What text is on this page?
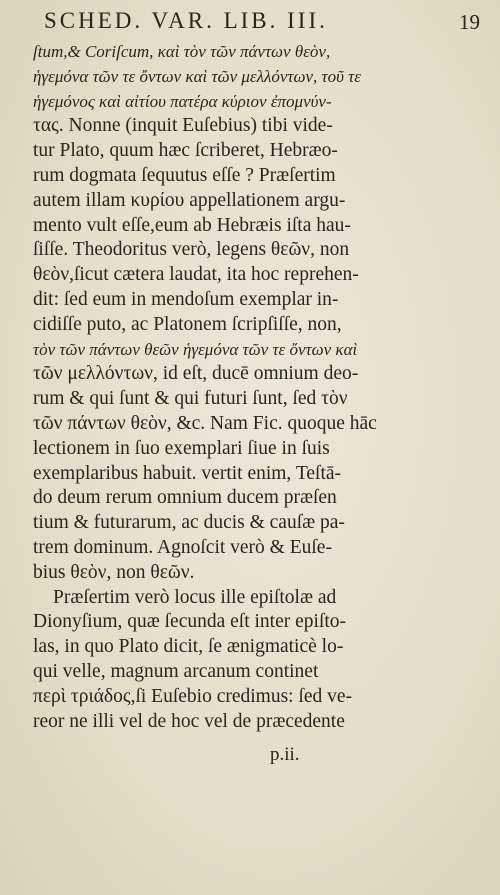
SCHED. VAR. LIB. III.	19
ſtum,& Coriſcum, καὶ τὸν τῶν πάντων θεὸν,
ἡγεμόνα τῶν τε ὄντων καὶ τῶν μελλόντων, τοῦ τε
ἡγεμόνος καὶ αἰτίου πατέρα κύριον ἐπομνύν-
τας. Nonne (inquit Euſebius) tibi vide-
tur Plato, quum hæc ſcriberet, Hebræo-
rum dogmata ſequutus eſſe ? Præſertim
autem illam κυρίου appellationem argu-
mento vult eſſe,eum ab Hebræis iſta hau-
ſiſſe. Theodoritus verò, legens θεῶν, non
θεὸν,ſicut cætera laudat, ita hoc reprehen-
dit: ſed eum in mendoſum exemplar in-
cidiſſe puto, ac Platonem ſcripſiſſe, non,
τὸν τῶν πάντων θεῶν ἡγεμόνα τῶν τε ὄντων καὶ
τῶν μελλόντων, id eſt, ducē omnium deo-
rum & qui ſunt & qui futuri ſunt, ſed τὸν
τῶν πάντων θεὸν, &c. Nam Fic. quoque hāc
lectionem in ſuo exemplari ſiue in ſuis
exemplaribus habuit. vertit enim, Teſtā-
do deum rerum omnium ducem præſen
tium & futurarum, ac ducis & cauſæ pa-
trem dominum. Agnoſcit verò & Euſe-
bius θεὸν, non θεῶν.
Præſertim verò locus ille epiſtolæ ad
Dionyſium, quæ ſecunda eſt inter epiſto-
las, in quo Plato dicit, ſe ænigmaticè lo-
qui velle, magnum arcanum continet
περὶ τριάδος,ſi Euſebio credimus: ſed ve-
reor ne illi vel de hoc vel de præcedente
p.ii.
